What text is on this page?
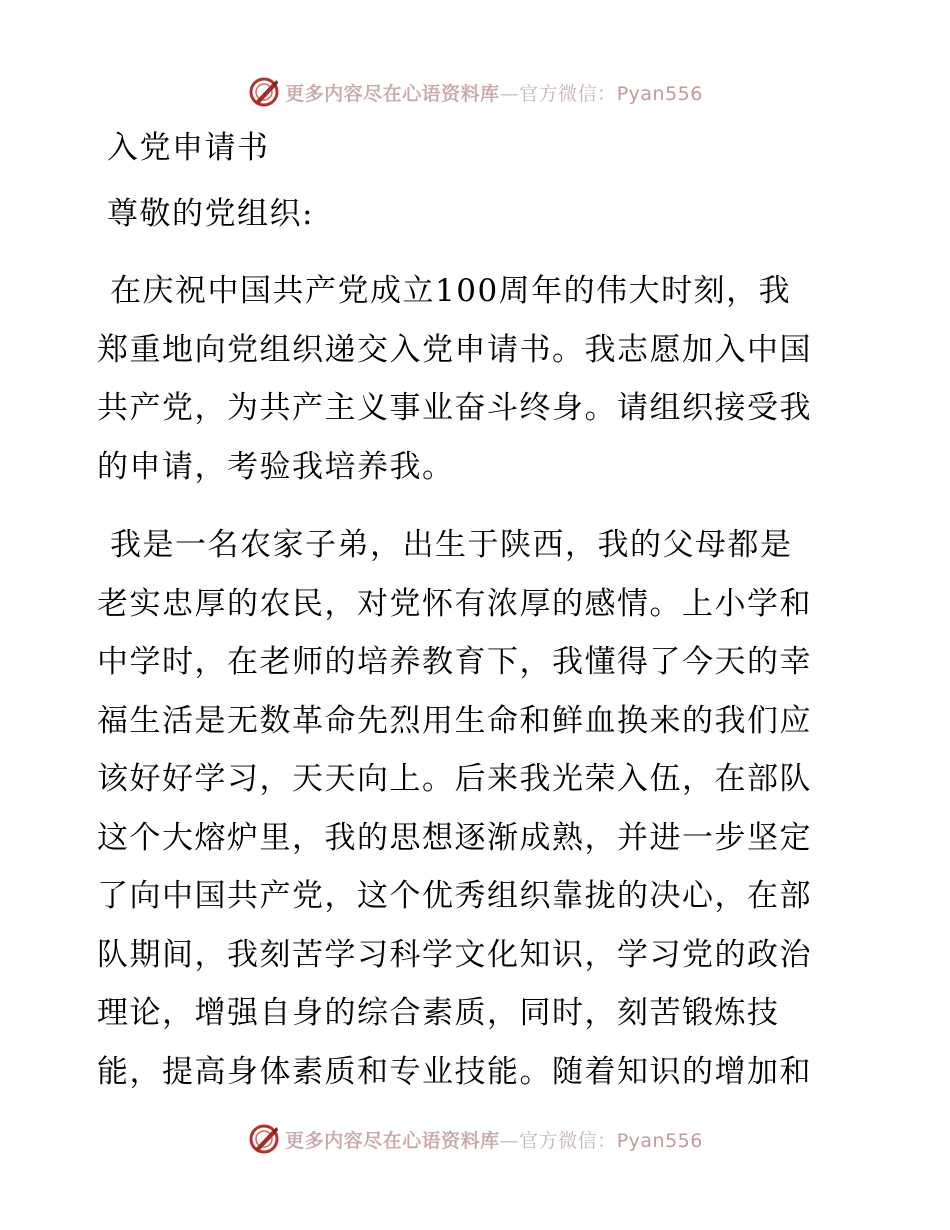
更多内容尽在心语资料库—官方微信：Pyan556

入党申请书

尊敬的党组织:

在庆祝中国共产党成立100周年的伟大时刻，我
郑重地向党组织递交入党申请书。我志愿加入中国
共产党，为共产主义事业奋斗终身。请组织接受我
的申请，考验我培养我。

我是一名农家子弟，出生于陕西，我的父母都是
老实忠厚的农民，对党怀有浓厚的感情。上小学和
中学时，在老师的培养教育下，我懂得了今天的幸
福生活是无数革命先烈用生命和鲜血换来的我们应
该好好学习，天天向上。后来我光荣入伍，在部队
这个大熔炉里，我的思想逐渐成熟，并进一步坚定
了向中国共产党，这个优秀组织靠拢的决心，在部
队期间，我刻苦学习科学文化知识，学习党的政治
理论，增强自身的综合素质，同时，刻苦锻炼技
能，提高身体素质和专业技能。随着知识的增加和

更多内容尽在心语资料库—官方微信：Pyan556
